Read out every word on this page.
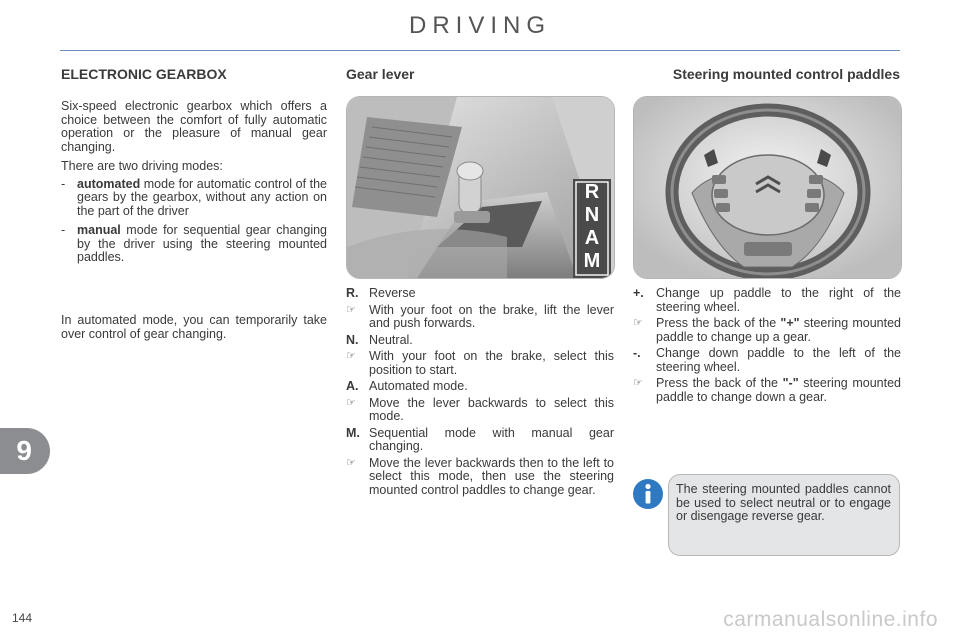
DRIVING
ELECTRONIC GEARBOX

Six-speed electronic gearbox which offers a choice between the comfort of fully automatic operation or the pleasure of manual gear changing.

There are two driving modes:

- automated mode for automatic control of the gears by the gearbox, without any action on the part of the driver
- manual mode for sequential gear changing by the driver using the steering mounted paddles.

In automated mode, you can temporarily take over control of gear changing.

Gear lever
R
N
A
M
R. Reverse
☞	With your foot on the brake, lift the lever and push forwards.
N. Neutral.
☞	With your foot on the brake, select this position to start.
A. Automated mode.
☞	Move the lever backwards to select this mode.
M. Sequential mode with manual gear changing.
☞	Move the lever backwards then to the left to select this mode, then use the steering mounted control paddles to change gear.
Steering mounted control paddles
+. Change up paddle to the right of the steering wheel.
☞	Press the back of the "+" steering mounted paddle to change up a gear.
-.	Change down paddle to the left of the steering wheel.
☞	Press the back of the "-" steering mounted paddle to change down a gear.
The steering mounted paddles cannot be used to select neutral or to engage or disengage reverse gear.
9
144	carmanualsonline.info
